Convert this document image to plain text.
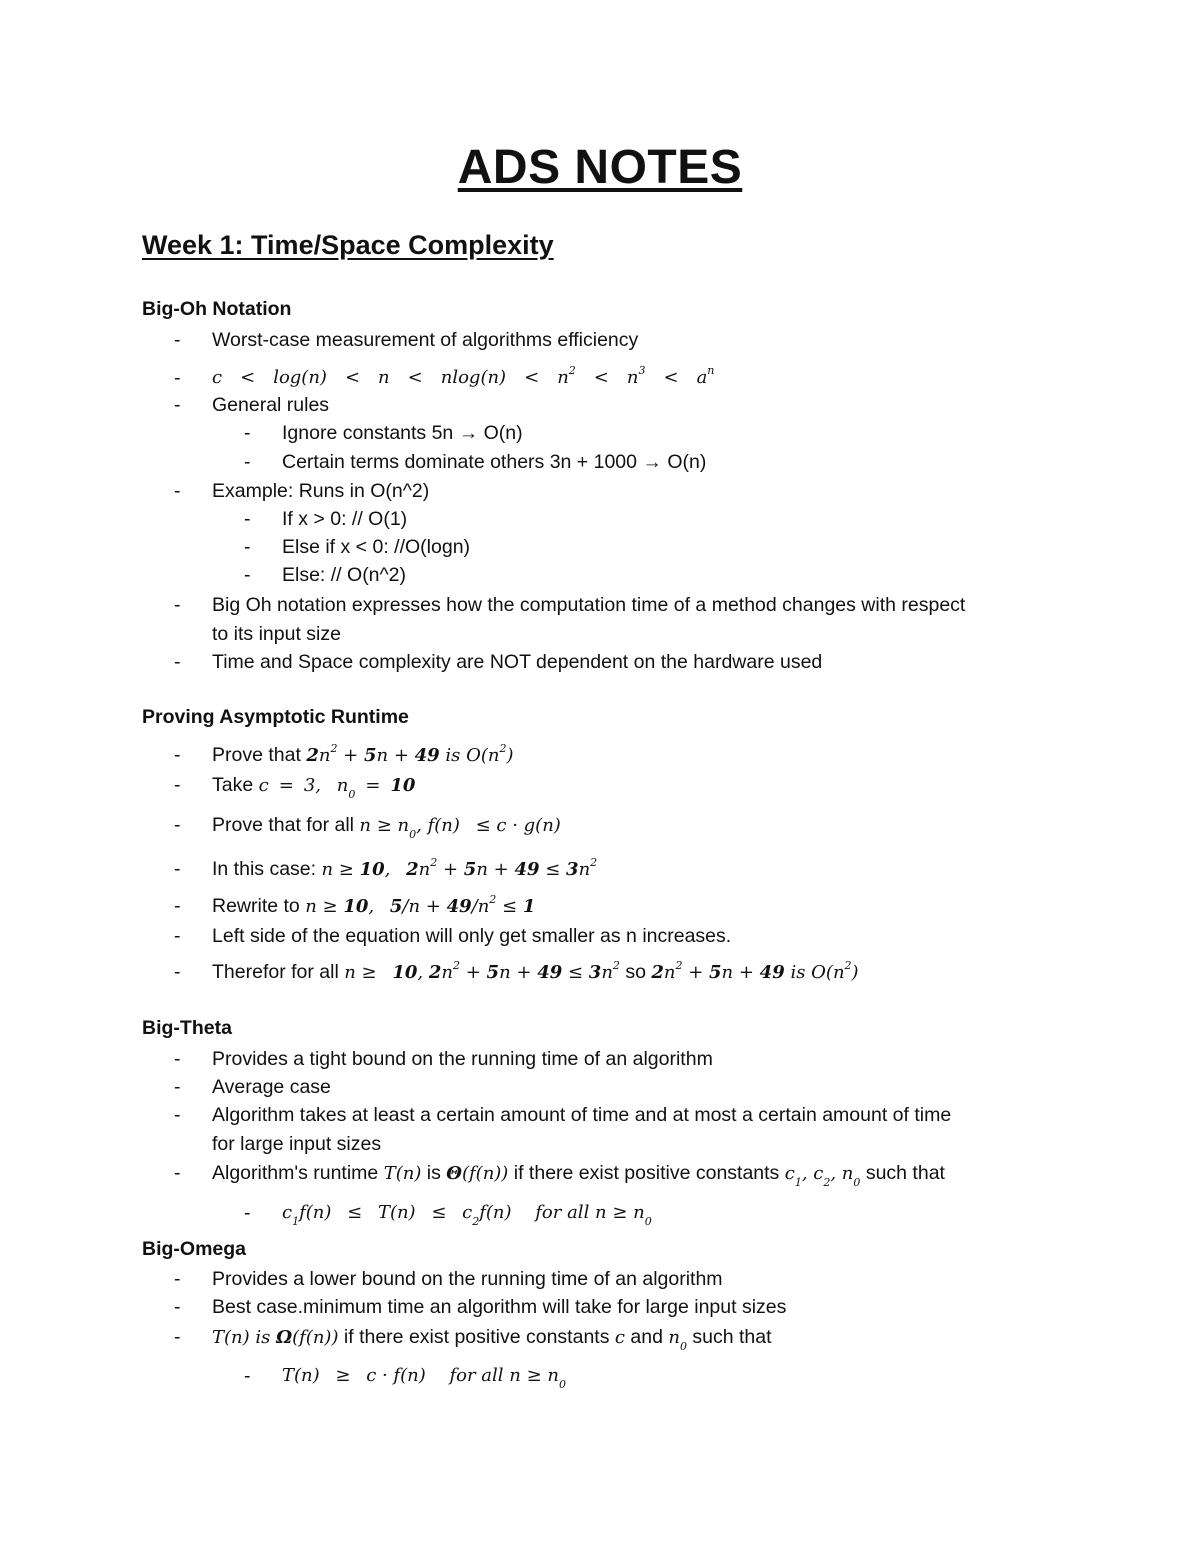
ADS NOTES
Week 1: Time/Space Complexity
Big-Oh Notation
- Worst-case measurement of algorithms efficiency
- $c < \log(n) < n < nlog(n) < n^2 < n^3 < a^n$
- General rules
- Ignore constants 5n → O(n)
- Certain terms dominate others 3n + 1000 → O(n)
- Example: Runs in O(n^2)
- If x > 0: // O(1)
- Else if x < 0: //O(logn)
- Else: // O(n^2)
- Big Oh notation expresses how the computation time of a method changes with respect
to its input size
- Time and Space complexity are NOT dependent on the hardware used
Proving Asymptotic Runtime
- Prove that $2n^2 + 5n + 49$ is $O(n^2)$
- Take c = 3, $n_0 = 10$
- Prove that for all $n \ge n_0$, f(n) ≤ c · g(n)
- In this case: n ≥ 10, $2n^2 + 5n + 49 \le 3n^2$
- Rewrite to n ≥ 10, $5/n + 49/n^2 \le 1$
- Left side of the equation will only get smaller as n increases.
- Therefor for all n ≥ 10, $2n^2 + 5n + 49 \le 3n^2$ so $2n^2 + 5n + 49$ is $O(n^2)$
Big-Theta
- Provides a tight bound on the running time of an algorithm
- Average case
- Algorithm takes at least a certain amount of time and at most a certain amount of time
for large input sizes
- Algorithm's runtime T(n) is Θ(f(n)) if there exist positive constants $c_1$, $c_2$, $n_0$ such that
- $c_1f(n) \le T(n) \le c_2f(n)$ for all $n \ge n_0$
Big-Omega
- Provides a lower bound on the running time of an algorithm
- Best case.minimum time an algorithm will take for large input sizes
- T(n) is Ω(f(n)) if there exist positive constants c and $n_0$ such that
- T(n) ≥ c · f(n) for all $n \ge n_0$
